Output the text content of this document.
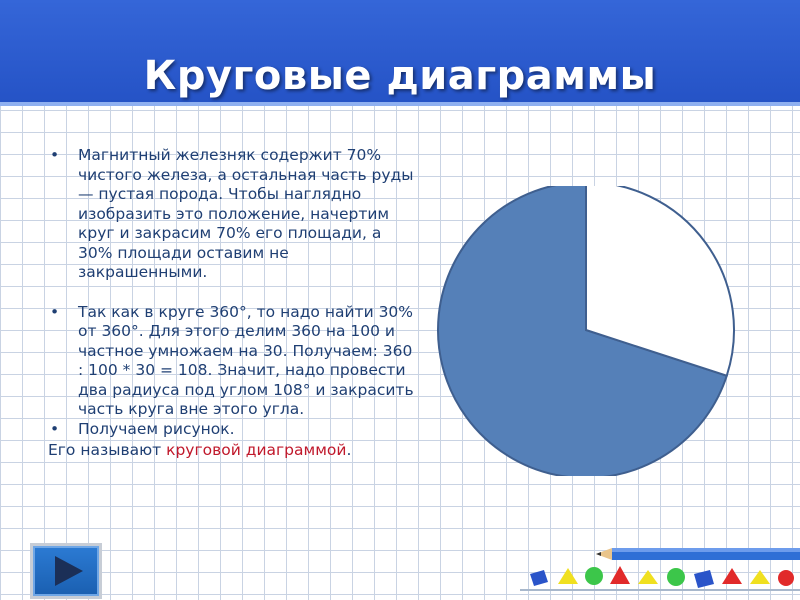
Круговые диаграммы
• Магнитный железняк содержит 70% чистого железа, а остальная часть руды — пустая порода. Чтобы наглядно изобразить это положение, начертим круг и закрасим 70% его площади, а 30% площади оставим не закрашенными.
• Так как в круге 360°, то надо найти 30% от 360°. Для этого делим 360 на 100 и частное умножаем на 30. Получаем: 360 : 100 * 30 = 108. Значит, надо провести два радиуса под углом 108° и закрасить часть круга вне этого угла.
• Получаем рисунок.
Его называют круговой диаграммой.
